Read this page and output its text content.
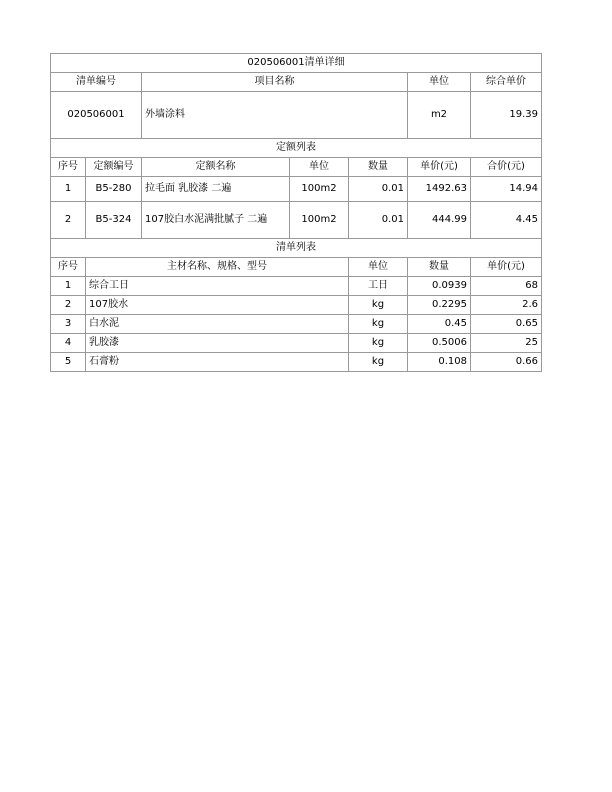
020506001清单详细							
清单编号		项目名称			单位	综合单价	
020506001		外墙涂料			m2	19.39	
定额列表							
序号	定额编号	定额名称	单位	数量	单价(元)	合价(元)	
1	B5-280	拉毛面 乳胶漆 二遍	100m2	0.01	1492.63	14.94	
2	B5-324	107胶白水泥满批腻子 二遍	100m2	0.01	444.99	4.45	
清单列表							
序号	主材名称、规格、型号			单位	数量	单价(元)	
1	综合工日			工日	0.0939	68	
2	107胶水			kg	0.2295	2.6	
3	白水泥			kg	0.45	0.65	
4	乳胶漆			kg	0.5006	25	
5	石膏粉			kg	0.108	0.66	
